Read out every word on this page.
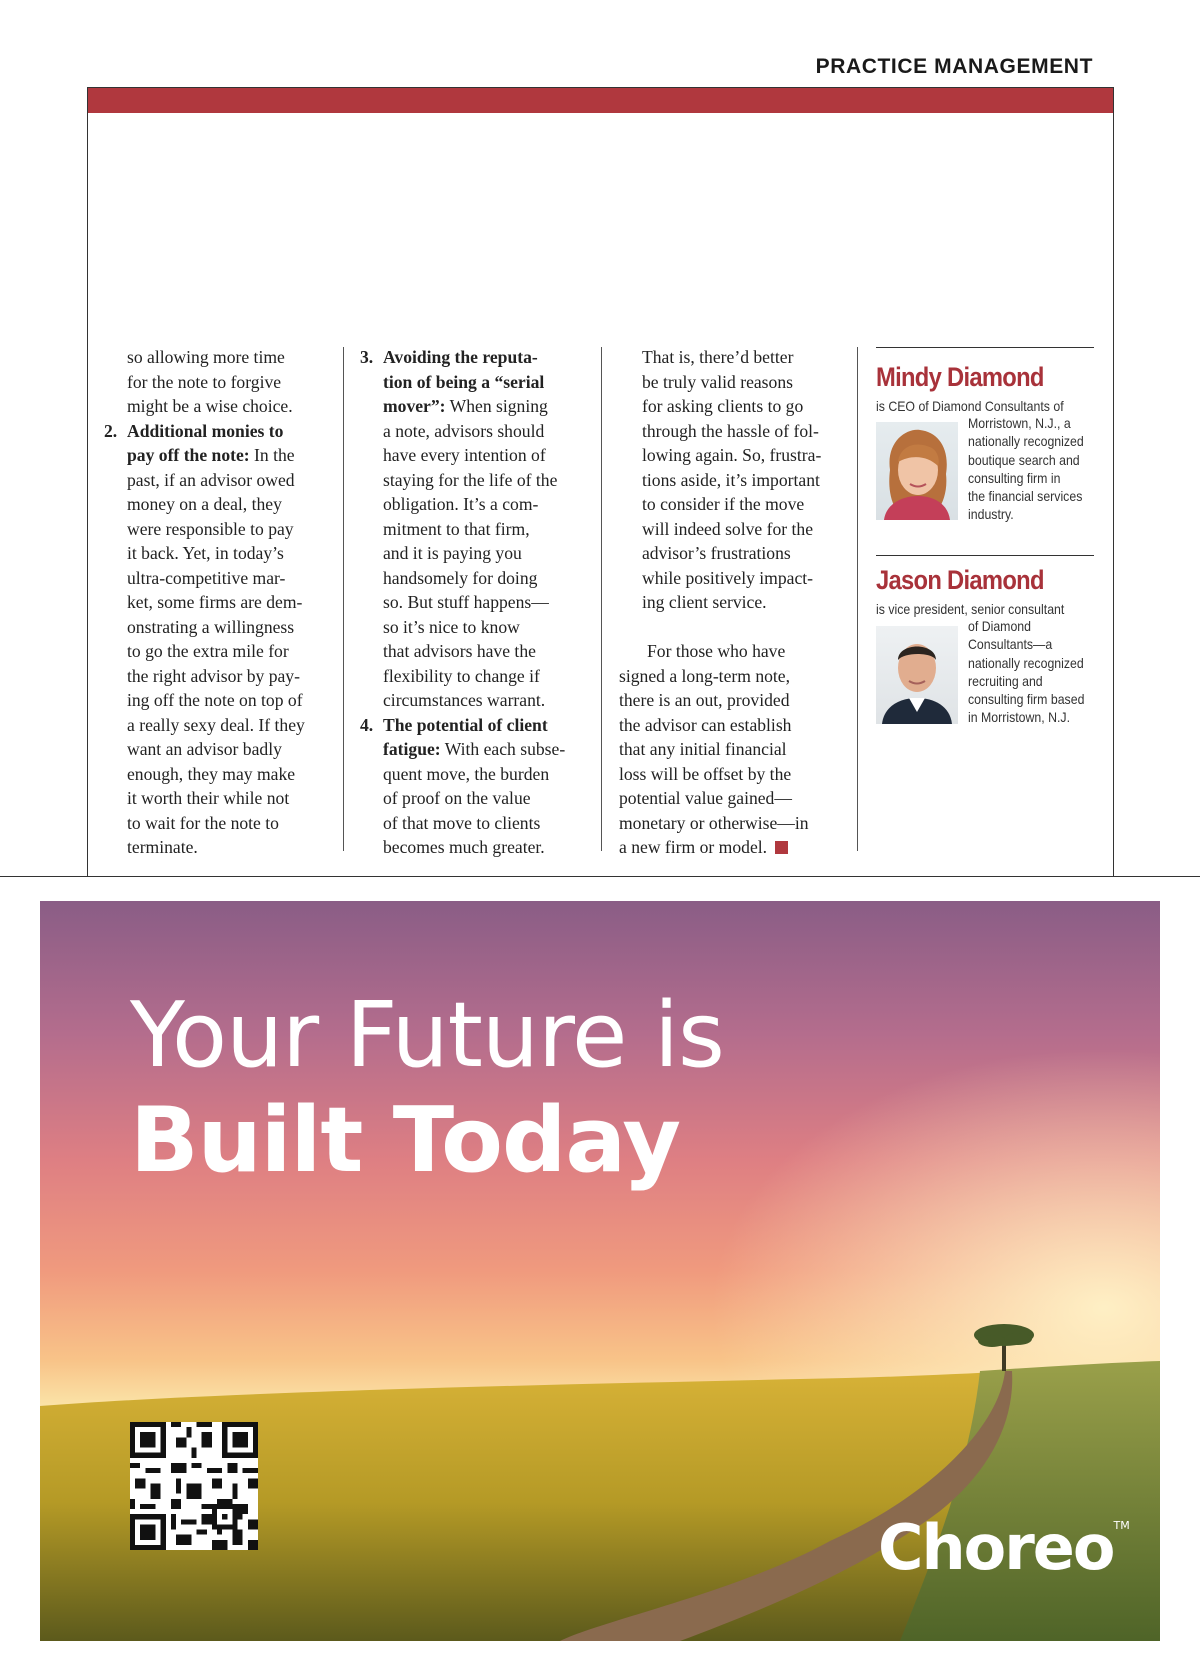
PRACTICE MANAGEMENT

so allowing more time

for the note to forgive

might be a wise choice.

2. Additional monies to

pay off the note: In the

past, if an advisor owed

money on a deal, they

were responsible to pay

it back. Yet, in today’s

ultra-competitive mar-

ket, some firms are dem-

onstrating a willingness

to go the extra mile for

the right advisor by pay-

ing off the note on top of

a really sexy deal. If they

want an advisor badly

enough, they may make

it worth their while not

to wait for the note to

terminate.

3. Avoiding the reputa-

tion of being a “serial

mover”: When signing

a note, advisors should

have every intention of

staying for the life of the

obligation. It’s a com-

mitment to that firm,

and it is paying you

handsomely for doing

so. But stuff happens—

so it’s nice to know

that advisors have the

flexibility to change if

circumstances warrant.

4. The potential of client

fatigue: With each subse-

quent move, the burden

of proof on the value

of that move to clients

becomes much greater.

That is, there’d better

be truly valid reasons

for asking clients to go

through the hassle of fol-

lowing again. So, frustra-

tions aside, it’s important

to consider if the move

will indeed solve for the

advisor’s frustrations

while positively impact-

ing client service.

For those who have

signed a long-term note,

there is an out, provided

the advisor can establish

that any initial financial

loss will be offset by the

potential value gained—

monetary or otherwise—in

a new firm or model.

Mindy Diamond
is CEO of Diamond Consultants of
Morristown, N.J., a
nationally recognized
boutique search and
consulting firm in
the financial services
industry.
Jason Diamond
is vice president, senior consultant
of Diamond
Consultants—a
nationally recognized
recruiting and
consulting firm based
in Morristown, N.J.
Your Future is
Built Today
Choreo™
